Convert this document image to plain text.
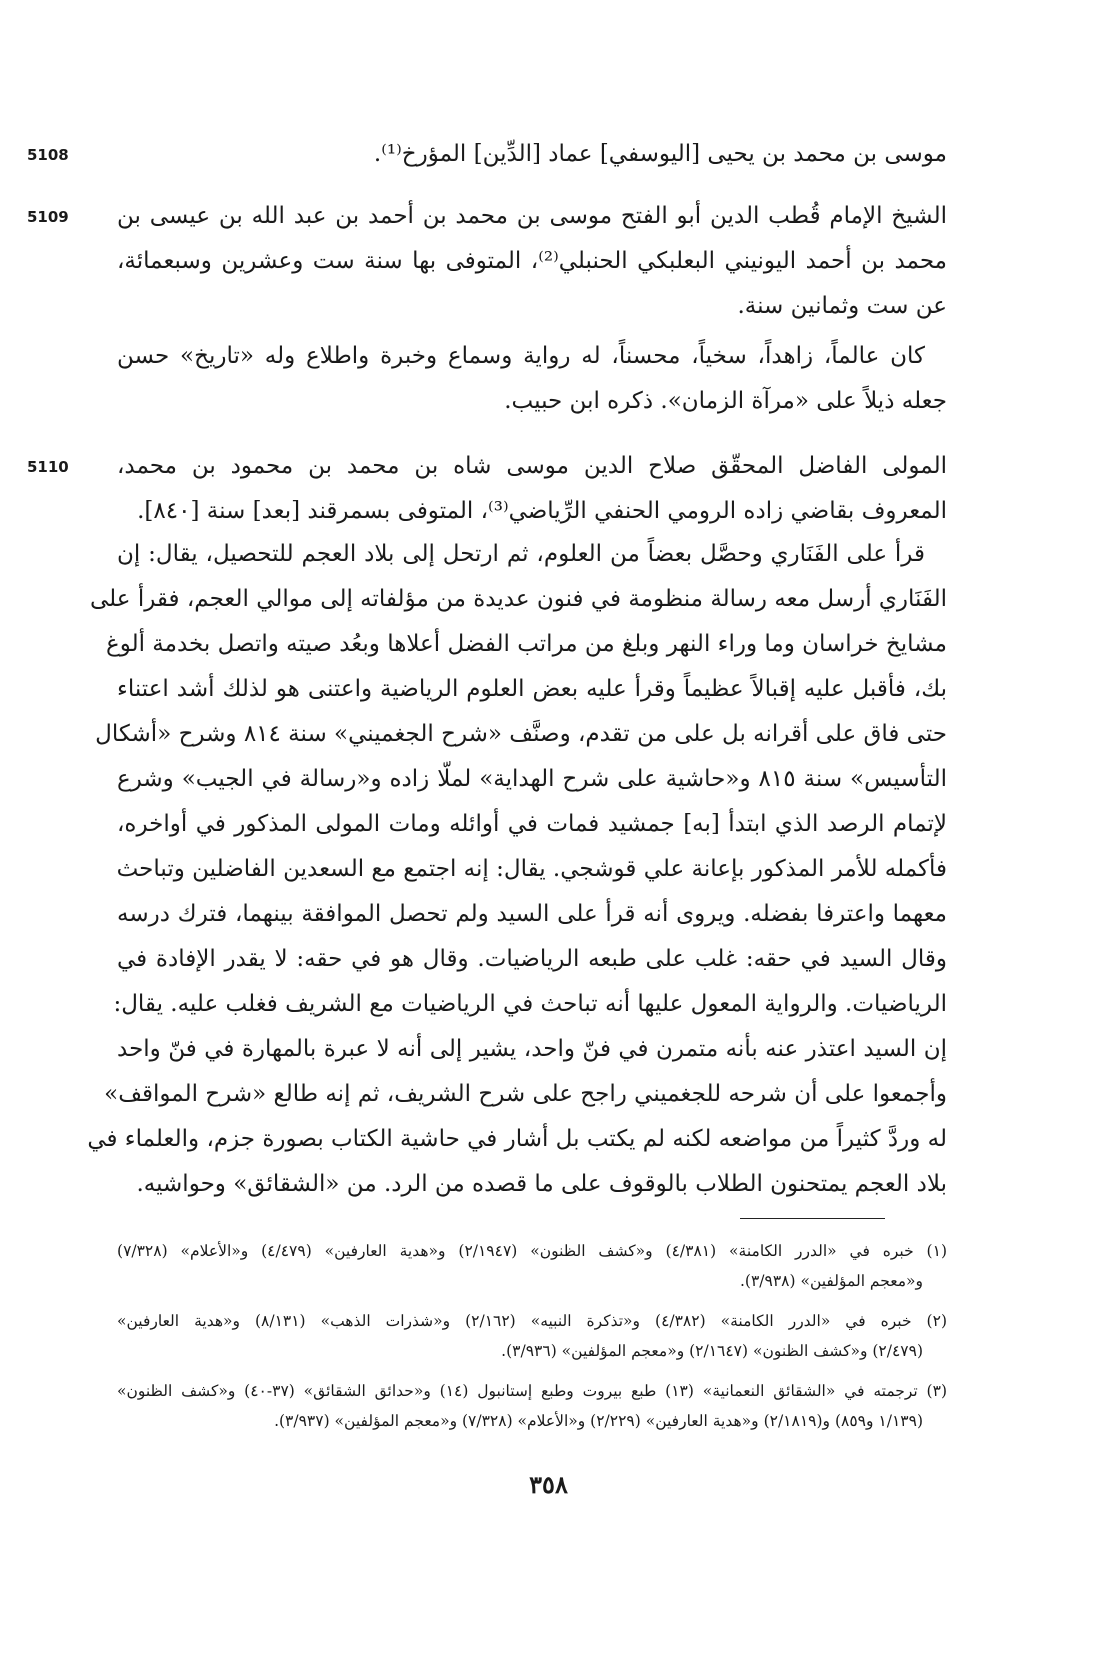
5108	موسى بن محمد بن يحيى [اليوسفي] عماد [الدِّين] المؤرخ⁽¹⁾.
5109	الشيخ الإمام قُطب الدين أبو الفتح موسى بن محمد بن أحمد بن عبد الله بن عيسى بن
محمد بن أحمد اليونيني البعلبكي الحنبلي⁽²⁾، المتوفى بها سنة ست وعشرين وسبعمائة،
عن ست وثمانين سنة.
كان عالماً، زاهداً، سخياً، محسناً، له رواية وسماع وخبرة واطلاع وله «تاريخ» حسن
جعله ذيلاً على «مرآة الزمان». ذكره ابن حبيب.
5110	المولى الفاضل المحقّق صلاح الدين موسى شاه بن محمد بن محمود بن محمد،
المعروف بقاضي زاده الرومي الحنفي الرِّياضي⁽³⁾، المتوفى بسمرقند [بعد] سنة [٨٤٠].
قرأ على الفَنَاري وحصَّل بعضاً من العلوم، ثم ارتحل إلى بلاد العجم للتحصيل، يقال: إن
الفَنَاري أرسل معه رسالة منظومة في فنون عديدة من مؤلفاته إلى موالي العجم، فقرأ على
مشايخ خراسان وما وراء النهر وبلغ من مراتب الفضل أعلاها وبعُد صيته واتصل بخدمة ألوغ
بك، فأقبل عليه إقبالاً عظيماً وقرأ عليه بعض العلوم الرياضية واعتنى هو لذلك أشد اعتناء
حتى فاق على أقرانه بل على من تقدم، وصنَّف «شرح الجغميني» سنة ٨١٤ وشرح «أشكال
التأسيس» سنة ٨١٥ و«حاشية على شرح الهداية» لملّا زاده و«رسالة في الجيب» وشرع
لإتمام الرصد الذي ابتدأ [به] جمشيد فمات في أوائله ومات المولى المذكور في أواخره،
فأكمله للأمر المذكور بإعانة علي قوشجي. يقال: إنه اجتمع مع السعدين الفاضلين وتباحث
معهما واعترفا بفضله. ويروى أنه قرأ على السيد ولم تحصل الموافقة بينهما، فترك درسه
وقال السيد في حقه: غلب على طبعه الرياضيات. وقال هو في حقه: لا يقدر الإفادة في
الرياضيات. والرواية المعول عليها أنه تباحث في الرياضيات مع الشريف فغلب عليه. يقال:
إن السيد اعتذر عنه بأنه متمرن في فنّ واحد، يشير إلى أنه لا عبرة بالمهارة في فنّ واحد
وأجمعوا على أن شرحه للجغميني راجح على شرح الشريف، ثم إنه طالع «شرح المواقف»
له وردَّ كثيراً من مواضعه لكنه لم يكتب بل أشار في حاشية الكتاب بصورة جزم، والعلماء في
بلاد العجم يمتحنون الطلاب بالوقوف على ما قصده من الرد. من «الشقائق» وحواشيه.
(١) خبره في «الدرر الكامنة» (٤/٣٨١) و«كشف الظنون» (٢/١٩٤٧) و«هدية العارفين» (٤/٤٧٩) و«الأعلام» (٧/٣٢٨)
و«معجم المؤلفين» (٣/٩٣٨).
(٢) خبره في «الدرر الكامنة» (٤/٣٨٢) و«تذكرة النبيه» (٢/١٦٢) و«شذرات الذهب» (٨/١٣١) و«هدية العارفين»
(٢/٤٧٩) و«كشف الظنون» (٢/١٦٤٧) و«معجم المؤلفين» (٣/٩٣٦).
(٣) ترجمته في «الشقائق النعمانية» (١٣) طبع بيروت وطبع إستانبول (١٤) و«حدائق الشقائق» (٣٧-٤٠) و«كشف الظنون»
(١/١٣٩ و٨٥٩) و(٢/١٨١٩) و«هدية العارفين» (٢/٢٢٩) و«الأعلام» (٧/٣٢٨) و«معجم المؤلفين» (٣/٩٣٧).
٣٥٨
